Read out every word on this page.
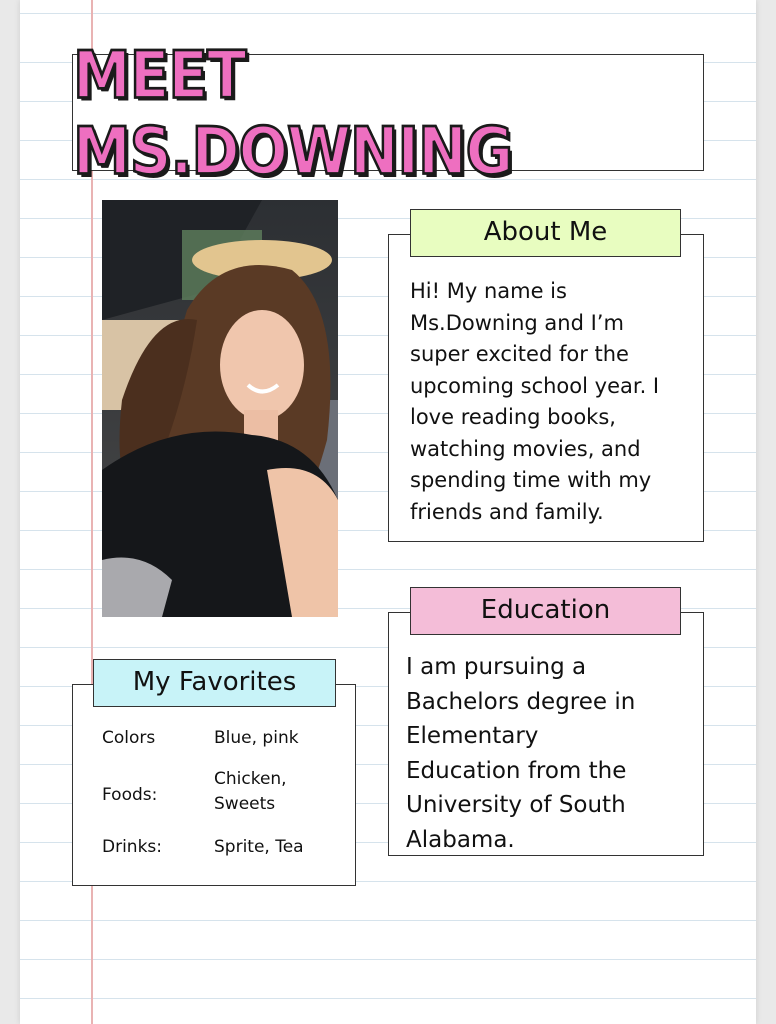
MEET MS.DOWNING
About Me
Hi! My name is
Ms.Downing and I’m
super excited for the
upcoming school year. I
love reading books,
watching movies, and
spending time with my
friends and family.
Education
I am pursuing a
Bachelors degree in
Elementary
Education from the
University of South
Alabama.
My Favorites
Colors	Blue, pink
Foods:
Chicken,
Sweets
Drinks:	Sprite, Tea
